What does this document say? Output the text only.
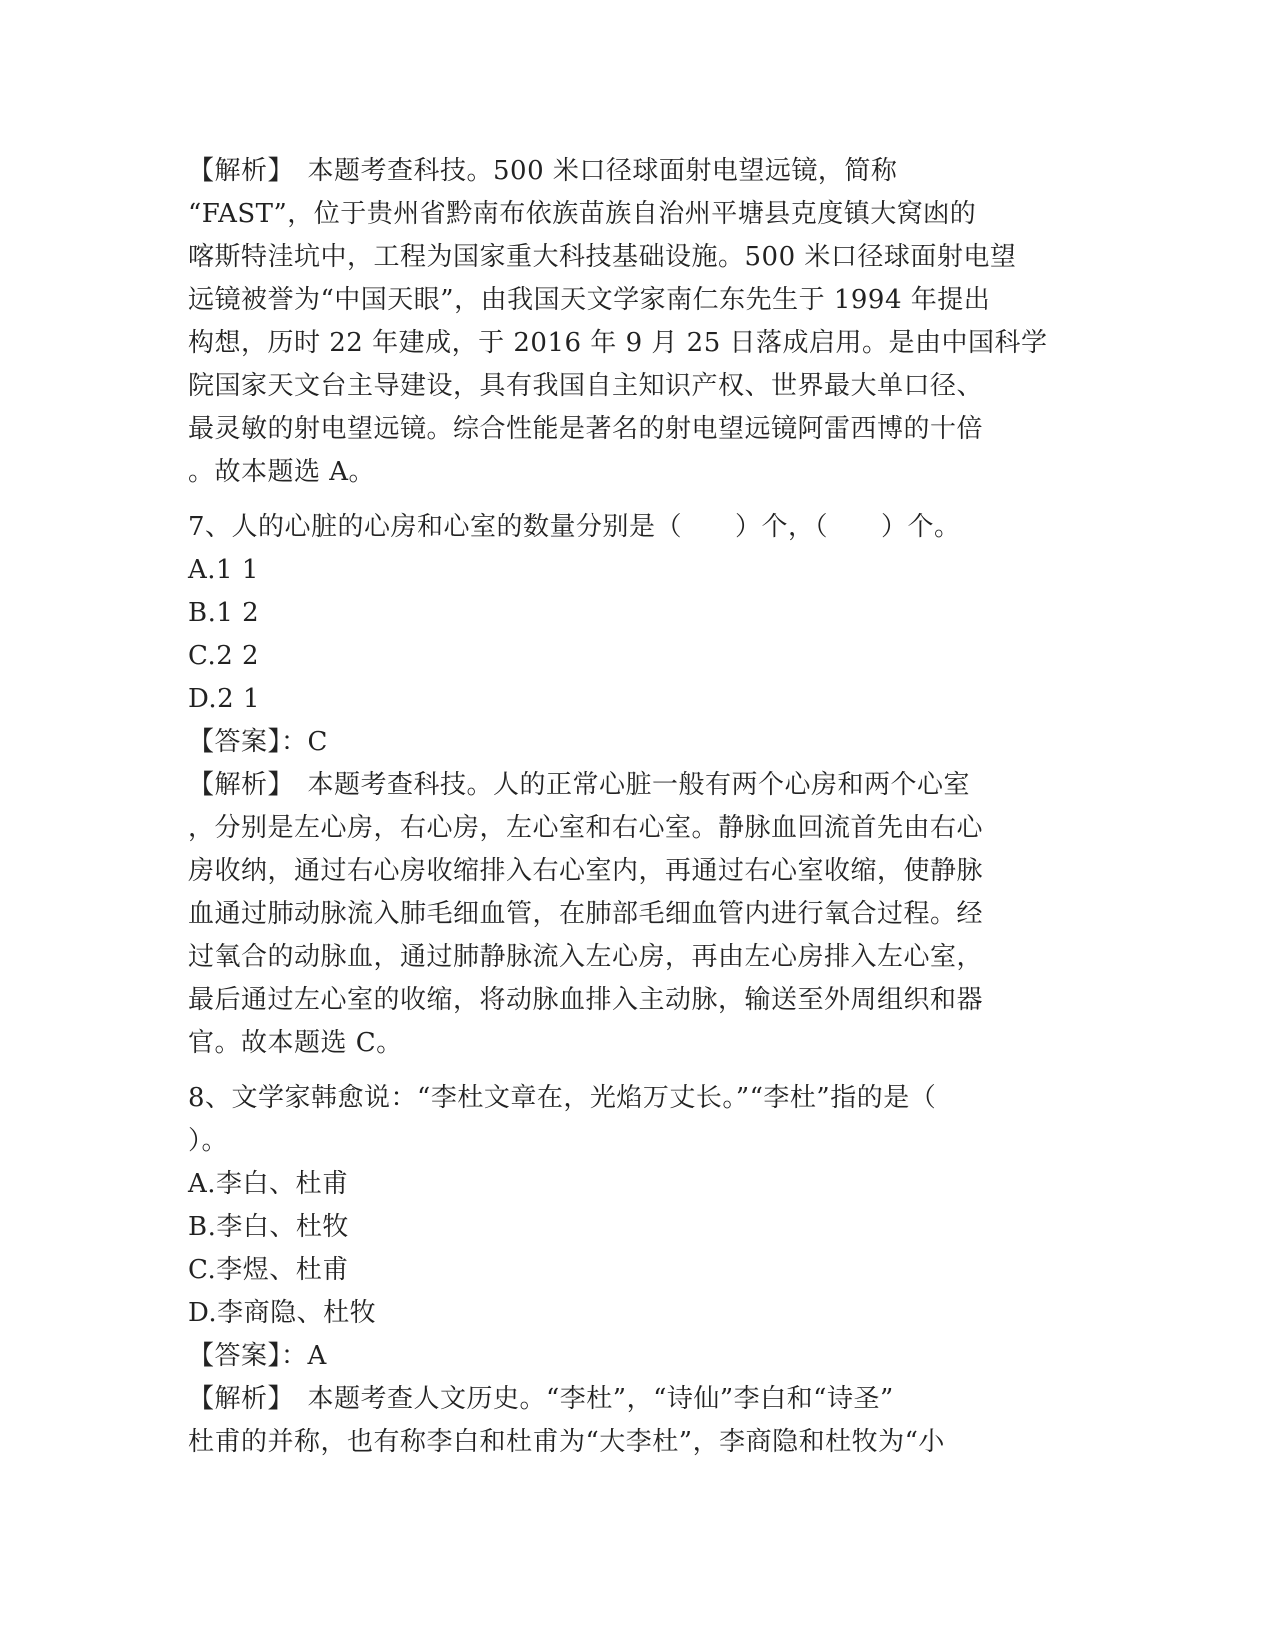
【解析】　本题考查科技。500 米口径球面射电望远镜，简称
“FAST”，位于贵州省黔南布依族苗族自治州平塘县克度镇大窝凼的
喀斯特洼坑中，工程为国家重大科技基础设施。500 米口径球面射电望
远镜被誉为“中国天眼”，由我国天文学家南仁东先生于 1994 年提出
构想，历时 22 年建成，于 2016 年 9 月 25 日落成启用。是由中国科学
院国家天文台主导建设，具有我国自主知识产权、世界最大单口径、
最灵敏的射电望远镜。综合性能是著名的射电望远镜阿雷西博的十倍
。故本题选 A。
7、人的心脏的心房和心室的数量分别是（　　）个，（　　）个。
A.1 1
B.1 2
C.2 2
D.2 1
【答案】：C
【解析】　本题考查科技。人的正常心脏一般有两个心房和两个心室
，分别是左心房，右心房，左心室和右心室。静脉血回流首先由右心
房收纳，通过右心房收缩排入右心室内，再通过右心室收缩，使静脉
血通过肺动脉流入肺毛细血管，在肺部毛细血管内进行氧合过程。经
过氧合的动脉血，通过肺静脉流入左心房，再由左心房排入左心室，
最后通过左心室的收缩，将动脉血排入主动脉，输送至外周组织和器
官。故本题选 C。
8、文学家韩愈说：“李杜文章在，光焰万丈长。”“李杜”指的是（
）。
A.李白、杜甫
B.李白、杜牧
C.李煜、杜甫
D.李商隐、杜牧
【答案】：A
【解析】　本题考查人文历史。“李杜”，“诗仙”李白和“诗圣”
杜甫的并称，也有称李白和杜甫为“大李杜”，李商隐和杜牧为“小
